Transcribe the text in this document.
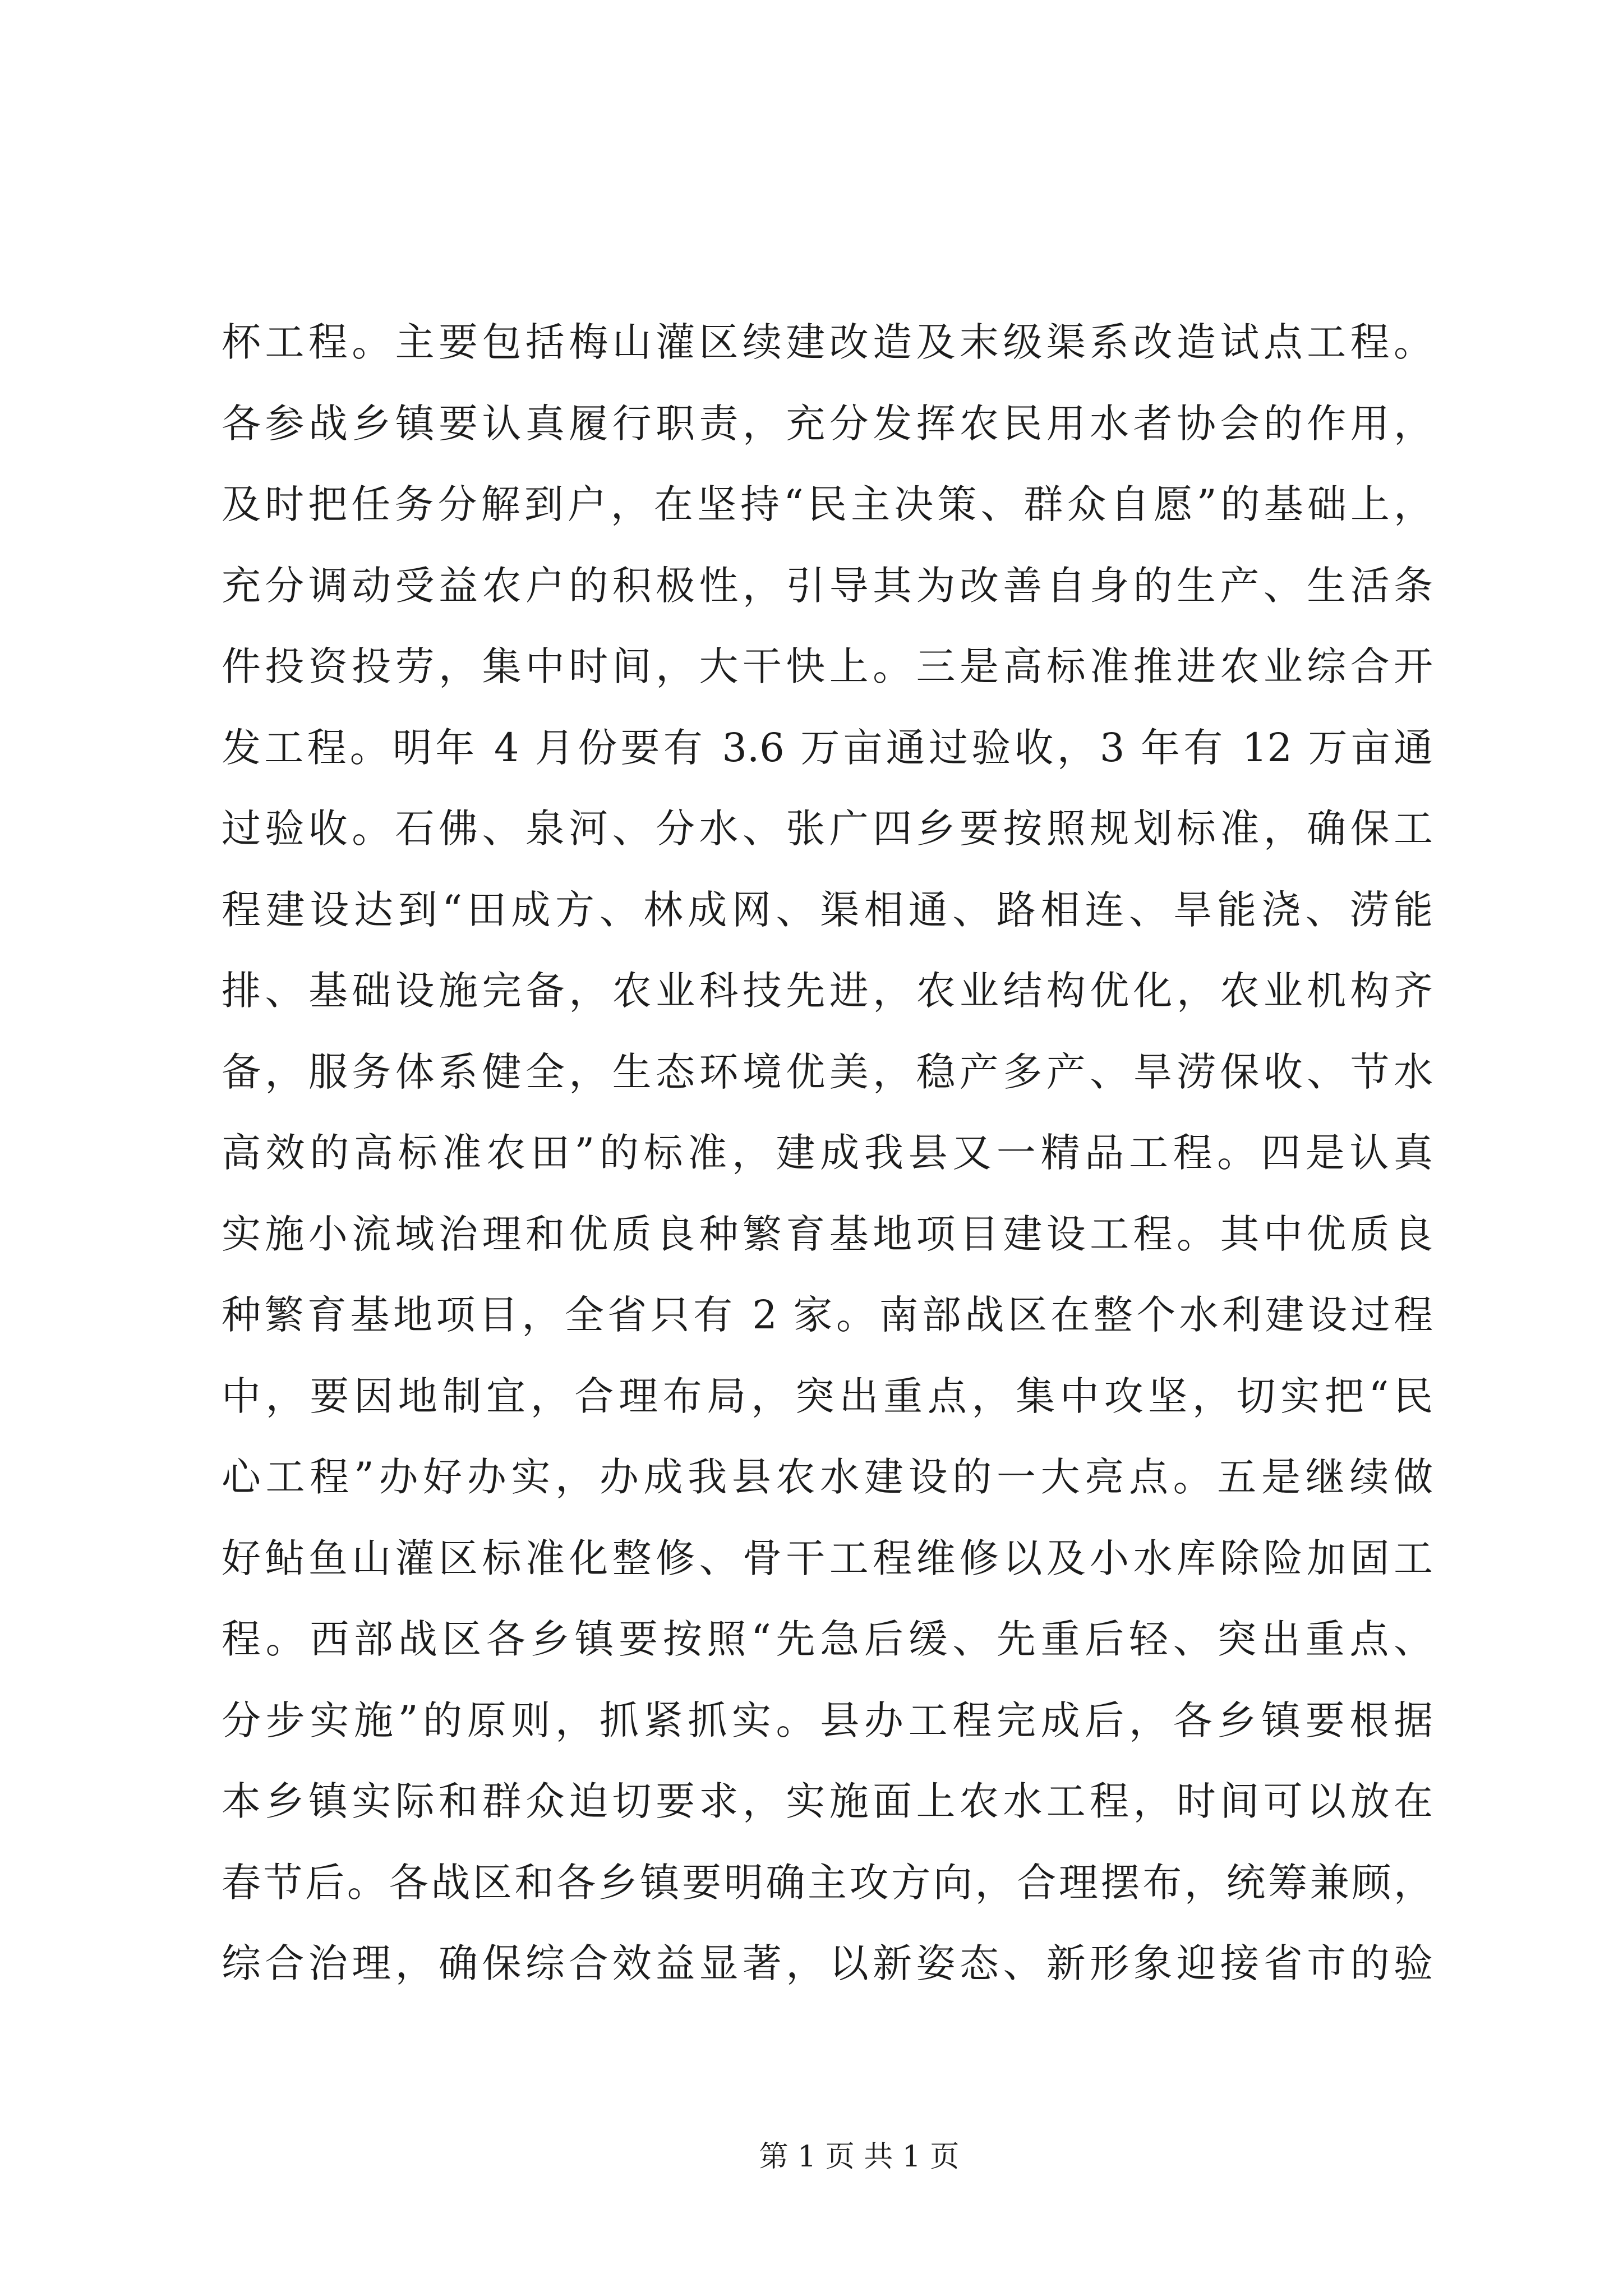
杯工程。主要包括梅山灌区续建改造及末级渠系改造试点工程。
各参战乡镇要认真履行职责，充分发挥农民用水者协会的作用，
及时把任务分解到户，在坚持“民主决策、群众自愿”的基础上，
充分调动受益农户的积极性，引导其为改善自身的生产、生活条
件投资投劳，集中时间，大干快上。三是高标准推进农业综合开
发工程。明年 4 月份要有 3.6 万亩通过验收，3 年有 12 万亩通
过验收。石佛、泉河、分水、张广四乡要按照规划标准，确保工
程建设达到“田成方、林成网、渠相通、路相连、旱能浇、涝能
排、基础设施完备，农业科技先进，农业结构优化，农业机构齐
备，服务体系健全，生态环境优美，稳产多产、旱涝保收、节水
高效的高标准农田”的标准，建成我县又一精品工程。四是认真
实施小流域治理和优质良种繁育基地项目建设工程。其中优质良
种繁育基地项目，全省只有 2 家。南部战区在整个水利建设过程
中，要因地制宜，合理布局，突出重点，集中攻坚，切实把“民
心工程”办好办实，办成我县农水建设的一大亮点。五是继续做
好鲇鱼山灌区标准化整修、骨干工程维修以及小水库除险加固工
程。西部战区各乡镇要按照“先急后缓、先重后轻、突出重点、
分步实施”的原则，抓紧抓实。县办工程完成后，各乡镇要根据
本乡镇实际和群众迫切要求，实施面上农水工程，时间可以放在
春节后。各战区和各乡镇要明确主攻方向，合理摆布，统筹兼顾，
综合治理，确保综合效益显著，以新姿态、新形象迎接省市的验
第 1 页 共 1 页
